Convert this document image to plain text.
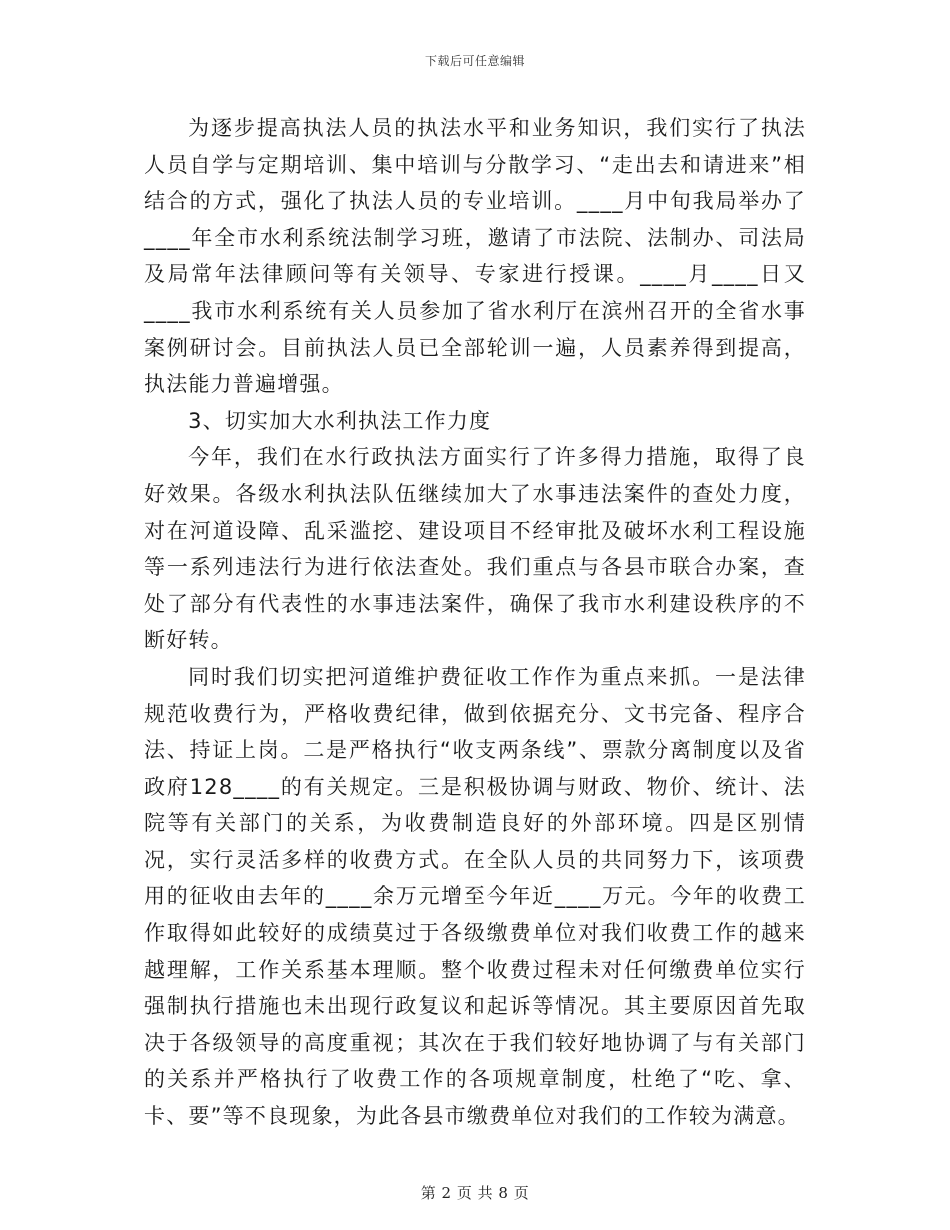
下载后可任意编辑

为逐步提高执法人员的执法水平和业务知识，我们实行了执法人员自学与定期培训、集中培训与分散学习、“走出去和请进来”相结合的方式，强化了执法人员的专业培训。____月中旬我局举办了____年全市水利系统法制学习班，邀请了市法院、法制办、司法局及局常年法律顾问等有关领导、专家进行授课。____月____日又____我市水利系统有关人员参加了省水利厅在滨州召开的全省水事案例研讨会。目前执法人员已全部轮训一遍，人员素养得到提高，执法能力普遍增强。

3、切实加大水利执法工作力度

今年，我们在水行政执法方面实行了许多得力措施，取得了良好效果。各级水利执法队伍继续加大了水事违法案件的查处力度，对在河道设障、乱采滥挖、建设项目不经审批及破坏水利工程设施等一系列违法行为进行依法查处。我们重点与各县市联合办案，查处了部分有代表性的水事违法案件，确保了我市水利建设秩序的不断好转。

同时我们切实把河道维护费征收工作作为重点来抓。一是法律规范收费行为，严格收费纪律，做到依据充分、文书完备、程序合法、持证上岗。二是严格执行“收支两条线”、票款分离制度以及省政府128____的有关规定。三是积极协调与财政、物价、统计、法院等有关部门的关系，为收费制造良好的外部环境。四是区别情况，实行灵活多样的收费方式。在全队人员的共同努力下，该项费用的征收由去年的____余万元增至今年近____万元。今年的收费工作取得如此较好的成绩莫过于各级缴费单位对我们收费工作的越来越理解，工作关系基本理顺。整个收费过程未对任何缴费单位实行强制执行措施也未出现行政复议和起诉等情况。其主要原因首先取决于各级领导的高度重视；其次在于我们较好地协调了与有关部门的关系并严格执行了收费工作的各项规章制度，杜绝了“吃、拿、卡、要”等不良现象，为此各县市缴费单位对我们的工作较为满意。

第 2 页 共 8 页
